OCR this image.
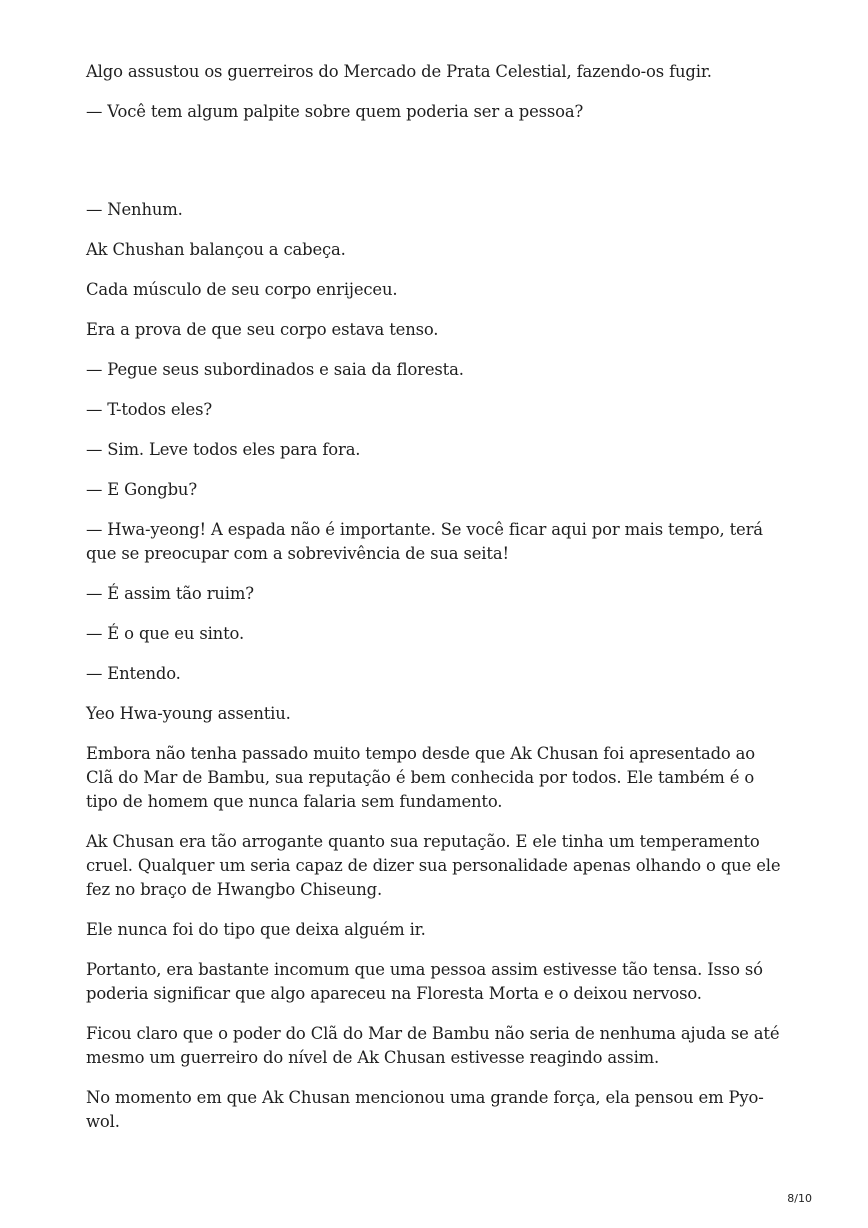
Algo assustou os guerreiros do Mercado de Prata Celestial, fazendo-os fugir.

— Você tem algum palpite sobre quem poderia ser a pessoa?

— Nenhum.

Ak Chushan balançou a cabeça.

Cada músculo de seu corpo enrijeceu.

Era a prova de que seu corpo estava tenso.

— Pegue seus subordinados e saia da floresta.

— T-todos eles?

— Sim. Leve todos eles para fora.

— E Gongbu?

— Hwa-yeong! A espada não é importante. Se você ficar aqui por mais tempo, terá que se preocupar com a sobrevivência de sua seita!

— É assim tão ruim?

— É o que eu sinto.

— Entendo.

Yeo Hwa-young assentiu.

Embora não tenha passado muito tempo desde que Ak Chusan foi apresentado ao Clã do Mar de Bambu, sua reputação é bem conhecida por todos. Ele também é o tipo de homem que nunca falaria sem fundamento.

Ak Chusan era tão arrogante quanto sua reputação. E ele tinha um temperamento cruel. Qualquer um seria capaz de dizer sua personalidade apenas olhando o que ele fez no braço de Hwangbo Chiseung.

Ele nunca foi do tipo que deixa alguém ir.

Portanto, era bastante incomum que uma pessoa assim estivesse tão tensa. Isso só poderia significar que algo apareceu na Floresta Morta e o deixou nervoso.

Ficou claro que o poder do Clã do Mar de Bambu não seria de nenhuma ajuda se até mesmo um guerreiro do nível de Ak Chusan estivesse reagindo assim.

No momento em que Ak Chusan mencionou uma grande força, ela pensou em Pyo-wol.

8/10
